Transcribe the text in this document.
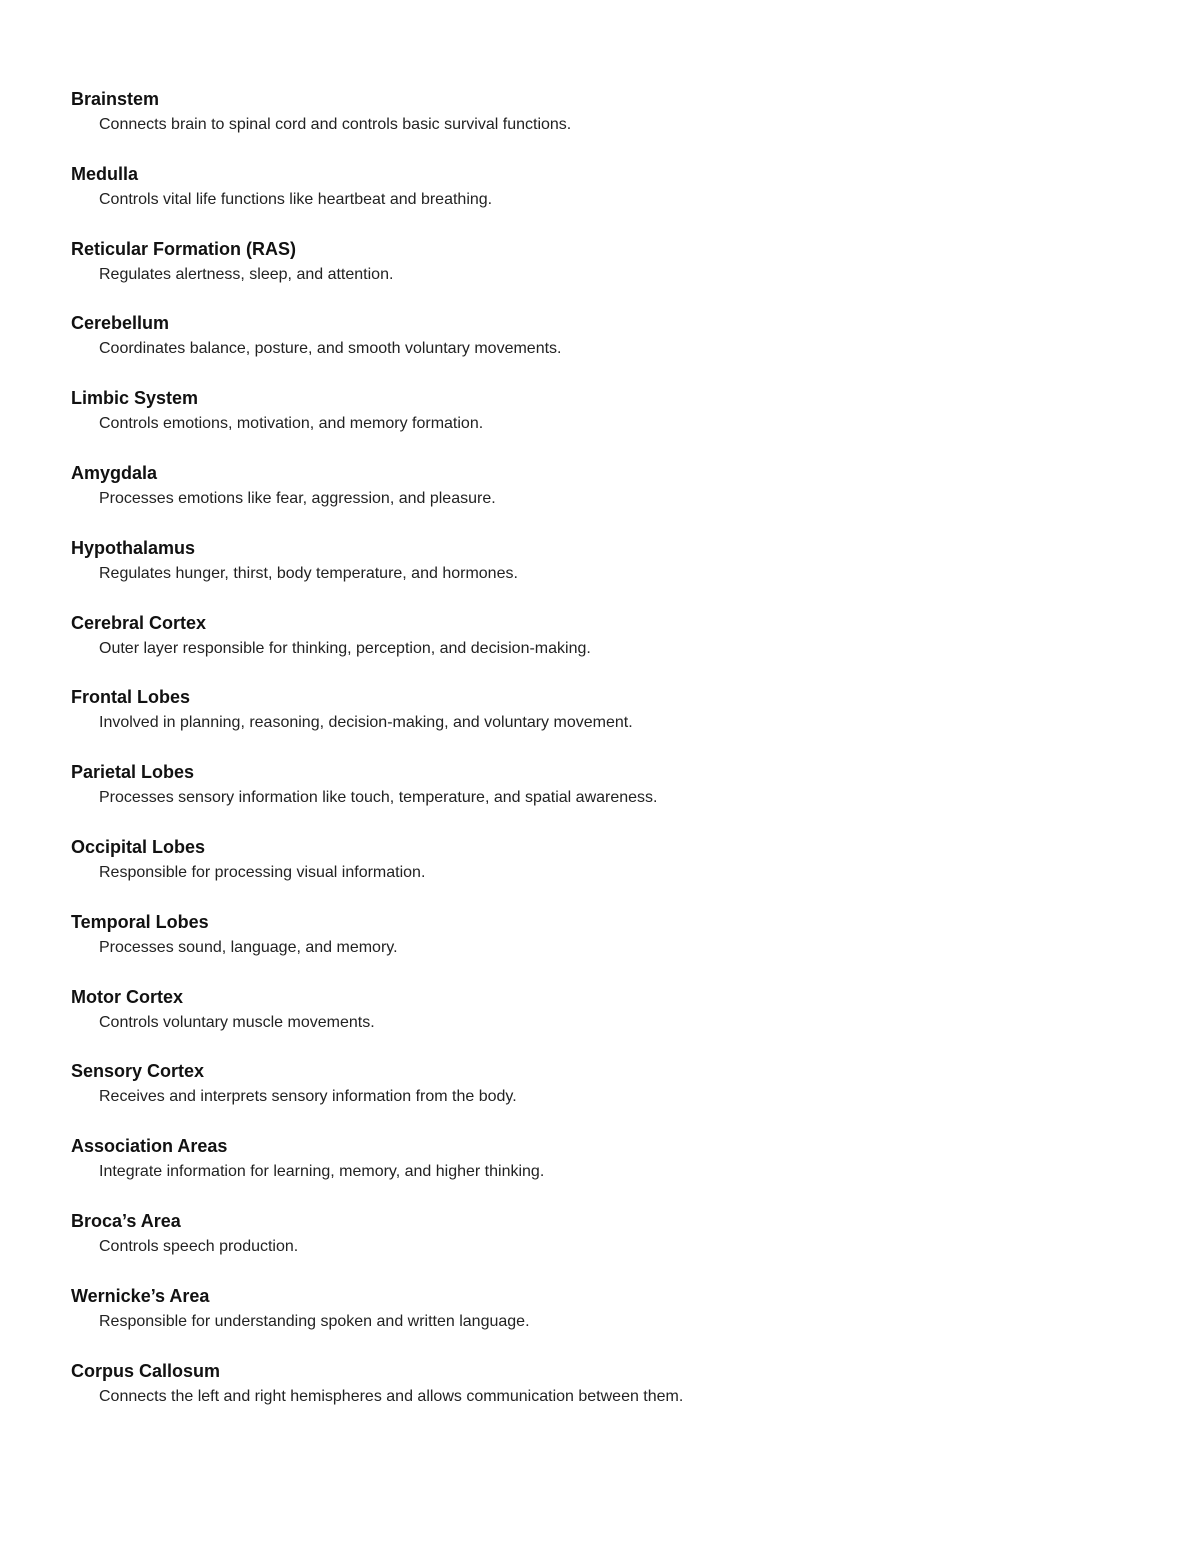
Brainstem
Connects brain to spinal cord and controls basic survival functions.
Medulla
Controls vital life functions like heartbeat and breathing.
Reticular Formation (RAS)
Regulates alertness, sleep, and attention.
Cerebellum
Coordinates balance, posture, and smooth voluntary movements.
Limbic System
Controls emotions, motivation, and memory formation.
Amygdala
Processes emotions like fear, aggression, and pleasure.
Hypothalamus
Regulates hunger, thirst, body temperature, and hormones.
Cerebral Cortex
Outer layer responsible for thinking, perception, and decision-making.
Frontal Lobes
Involved in planning, reasoning, decision-making, and voluntary movement.
Parietal Lobes
Processes sensory information like touch, temperature, and spatial awareness.
Occipital Lobes
Responsible for processing visual information.
Temporal Lobes
Processes sound, language, and memory.
Motor Cortex
Controls voluntary muscle movements.
Sensory Cortex
Receives and interprets sensory information from the body.
Association Areas
Integrate information for learning, memory, and higher thinking.
Broca’s Area
Controls speech production.
Wernicke’s Area
Responsible for understanding spoken and written language.
Corpus Callosum
Connects the left and right hemispheres and allows communication between them.
